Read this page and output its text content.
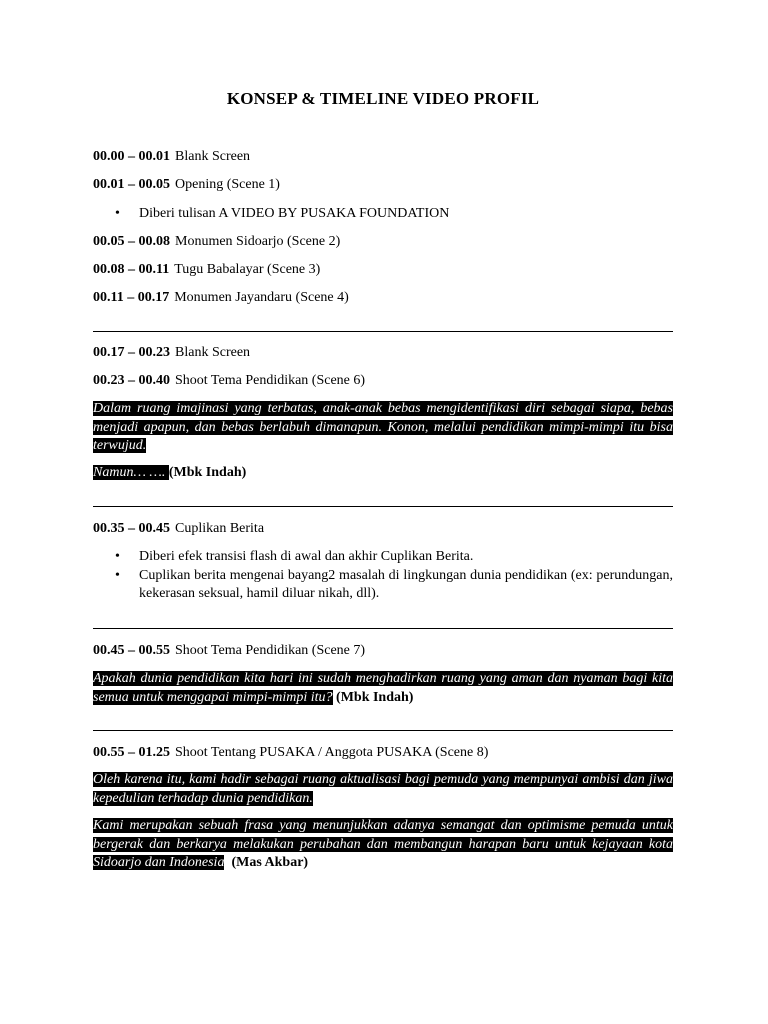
KONSEP & TIMELINE VIDEO PROFIL
00.00 – 00.01 Blank Screen
00.01 – 00.05 Opening (Scene 1)
• Diberi tulisan A VIDEO BY PUSAKA FOUNDATION
00.05 – 00.08 Monumen Sidoarjo (Scene 2)
00.08 – 00.11 Tugu Babalayar (Scene 3)
00.11 – 00.17 Monumen Jayandaru (Scene 4)
00.17 – 00.23 Blank Screen
00.23 – 00.40 Shoot Tema Pendidikan (Scene 6)
Dalam ruang imajinasi yang terbatas, anak-anak bebas mengidentifikasi diri sebagai siapa, bebas menjadi apapun, dan bebas berlabuh dimanapun. Konon, melalui pendidikan mimpi-mimpi itu bisa terwujud.
Namun… …. (Mbk Indah)
00.35 – 00.45 Cuplikan Berita
• Diberi efek transisi flash di awal dan akhir Cuplikan Berita.
• Cuplikan berita mengenai bayang2 masalah di lingkungan dunia pendidikan (ex: perundungan, kekerasan seksual, hamil diluar nikah, dll).
00.45 – 00.55 Shoot Tema Pendidikan (Scene 7)
Apakah dunia pendidikan kita hari ini sudah menghadirkan ruang yang aman dan nyaman bagi kita semua untuk menggapai mimpi-mimpi itu? (Mbk Indah)
00.55 – 01.25 Shoot Tentang PUSAKA / Anggota PUSAKA (Scene 8)
Oleh karena itu, kami hadir sebagai ruang aktualisasi bagi pemuda yang mempunyai ambisi dan jiwa kepedulian terhadap dunia pendidikan.
Kami merupakan sebuah frasa yang menunjukkan adanya semangat dan optimisme pemuda untuk bergerak dan berkarya melakukan perubahan dan membangun harapan baru untuk kejayaan kota Sidoarjo dan Indonesia (Mas Akbar)
